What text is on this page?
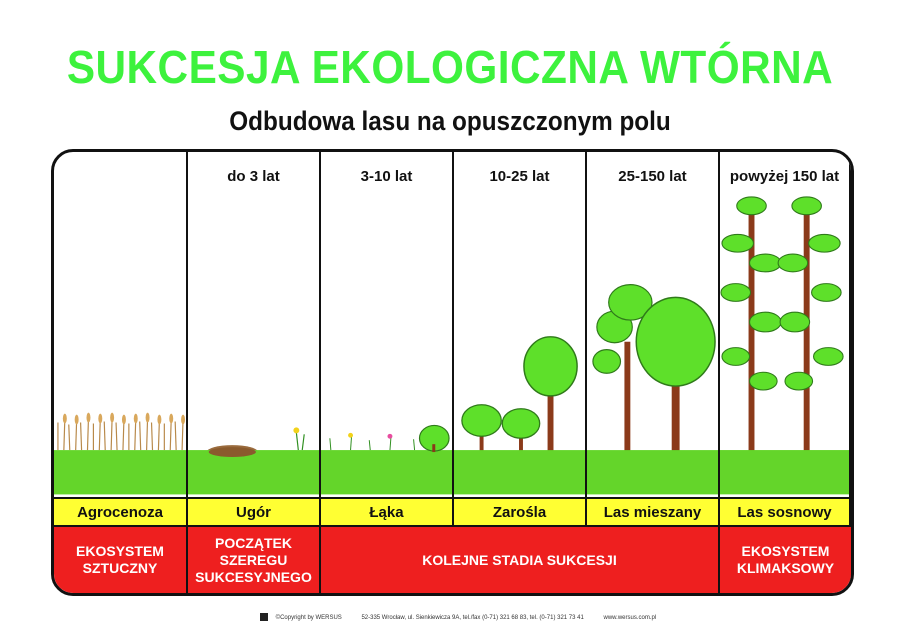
SUKCESJA EKOLOGICZNA WTÓRNA
Odbudowa lasu na opuszczonym polu
Agrocenoza
do 3 lat
Ugór
3-10 lat
Łąka
10-25 lat
Zarośla
25-150 lat
Las mieszany
powyżej 150 lat
Las sosnowy
EKOSYSTEM SZTUCZNY
POCZĄTEK SZEREGU SUKCESYJNEGO
KOLEJNE STADIA SUKCESJI
EKOSYSTEM KLIMAKSOWY
©Copyright by WERSUS	52-335 Wrocław, ul. Sienkiewicza 9A, tel./fax (0-71) 321 68 83, tel. (0-71) 321 73 41	www.wersus.com.pl
